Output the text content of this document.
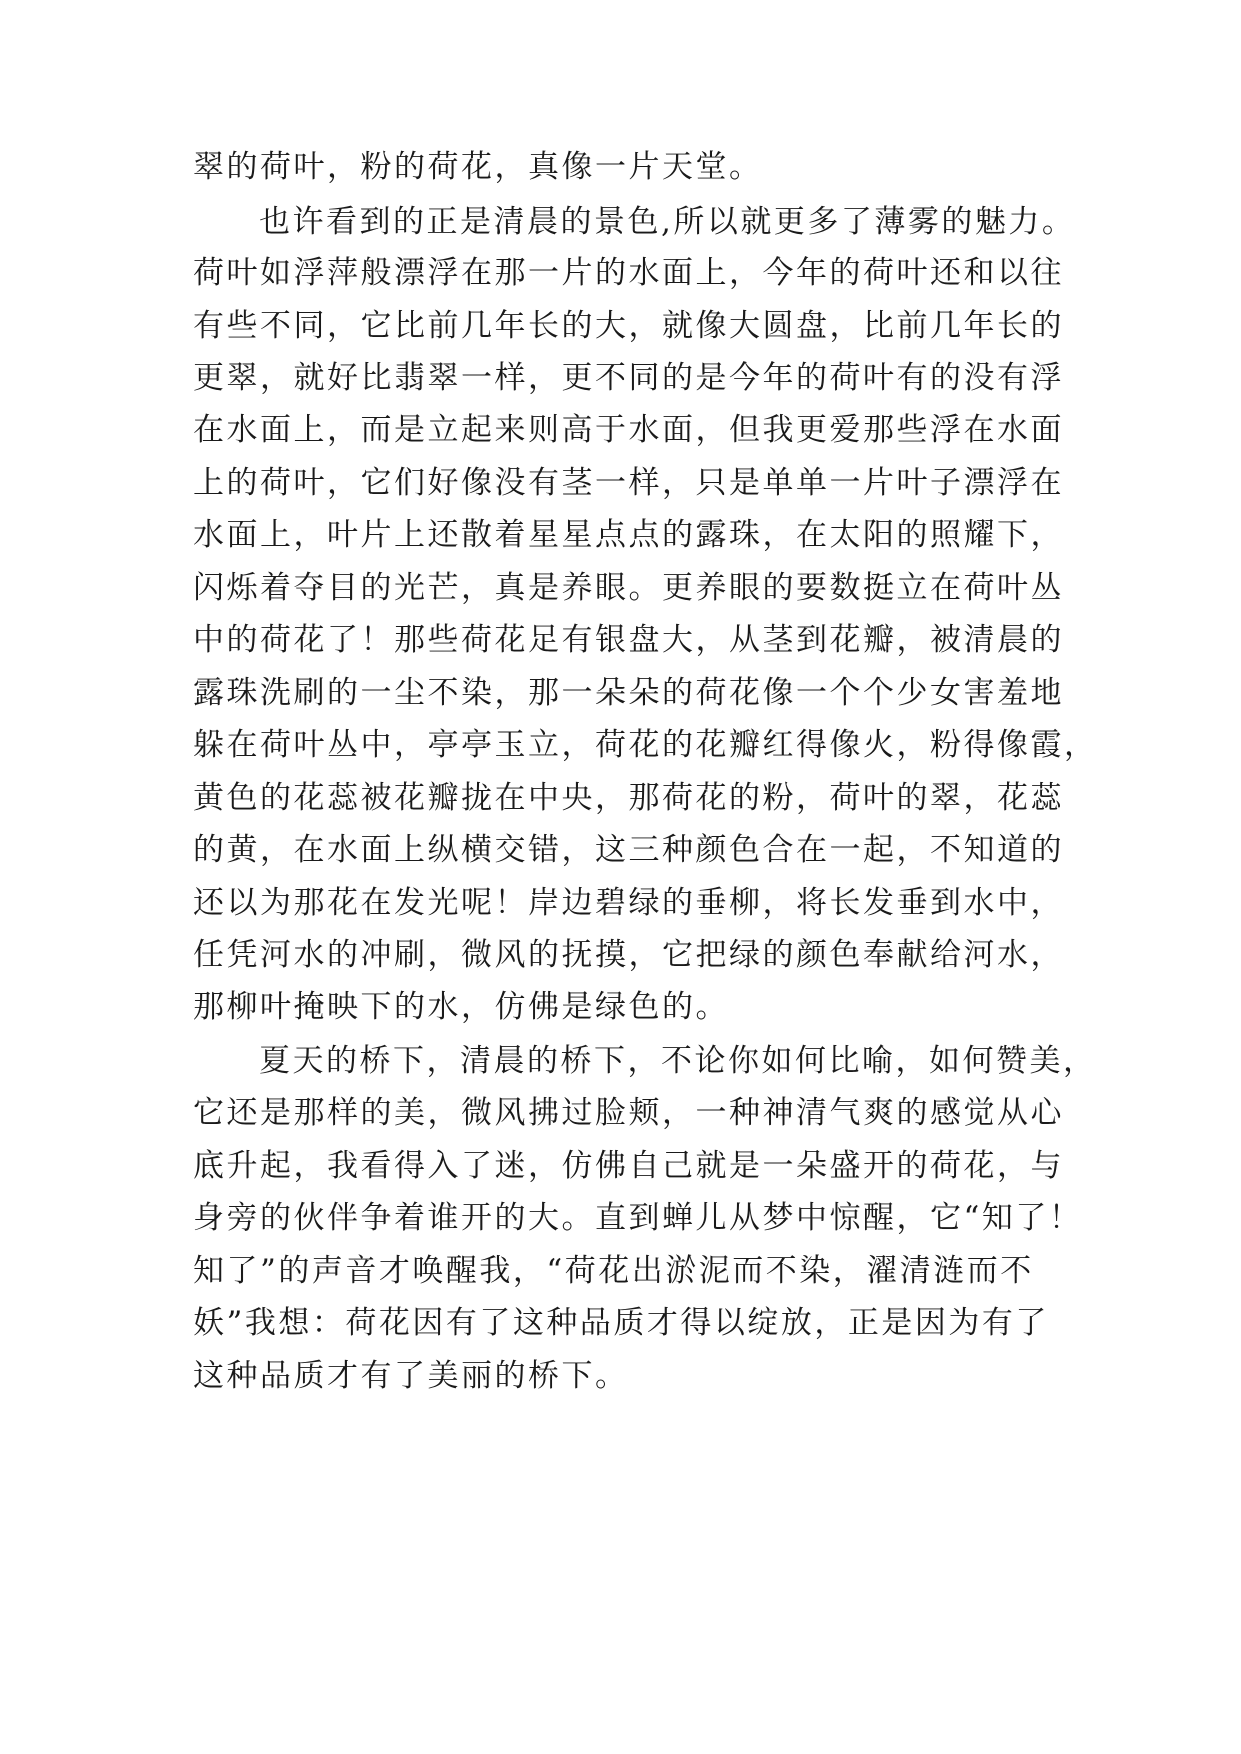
翠的荷叶，粉的荷花，真像一片天堂。

也许看到的正是清晨的景色,所以就更多了薄雾的魅力。

荷叶如浮萍般漂浮在那一片的水面上，今年的荷叶还和以往

有些不同，它比前几年长的大，就像大圆盘，比前几年长的

更翠，就好比翡翠一样，更不同的是今年的荷叶有的没有浮

在水面上，而是立起来则高于水面，但我更爱那些浮在水面

上的荷叶，它们好像没有茎一样，只是单单一片叶子漂浮在

水面上，叶片上还散着星星点点的露珠，在太阳的照耀下，

闪烁着夺目的光芒，真是养眼。更养眼的要数挺立在荷叶丛

中的荷花了！那些荷花足有银盘大，从茎到花瓣，被清晨的

露珠洗刷的一尘不染，那一朵朵的荷花像一个个少女害羞地

躲在荷叶丛中，亭亭玉立，荷花的花瓣红得像火，粉得像霞，

黄色的花蕊被花瓣拢在中央，那荷花的粉，荷叶的翠，花蕊

的黄，在水面上纵横交错，这三种颜色合在一起，不知道的

还以为那花在发光呢！岸边碧绿的垂柳，将长发垂到水中，

任凭河水的冲刷，微风的抚摸，它把绿的颜色奉献给河水，

那柳叶掩映下的水，仿佛是绿色的。

夏天的桥下，清晨的桥下，不论你如何比喻，如何赞美，

它还是那样的美，微风拂过脸颊，一种神清气爽的感觉从心

底升起，我看得入了迷，仿佛自己就是一朵盛开的荷花，与

身旁的伙伴争着谁开的大。直到蝉儿从梦中惊醒，它“知了！

知了”的声音才唤醒我，“荷花出淤泥而不染，濯清涟而不

妖”我想：荷花因有了这种品质才得以绽放，正是因为有了

这种品质才有了美丽的桥下。
